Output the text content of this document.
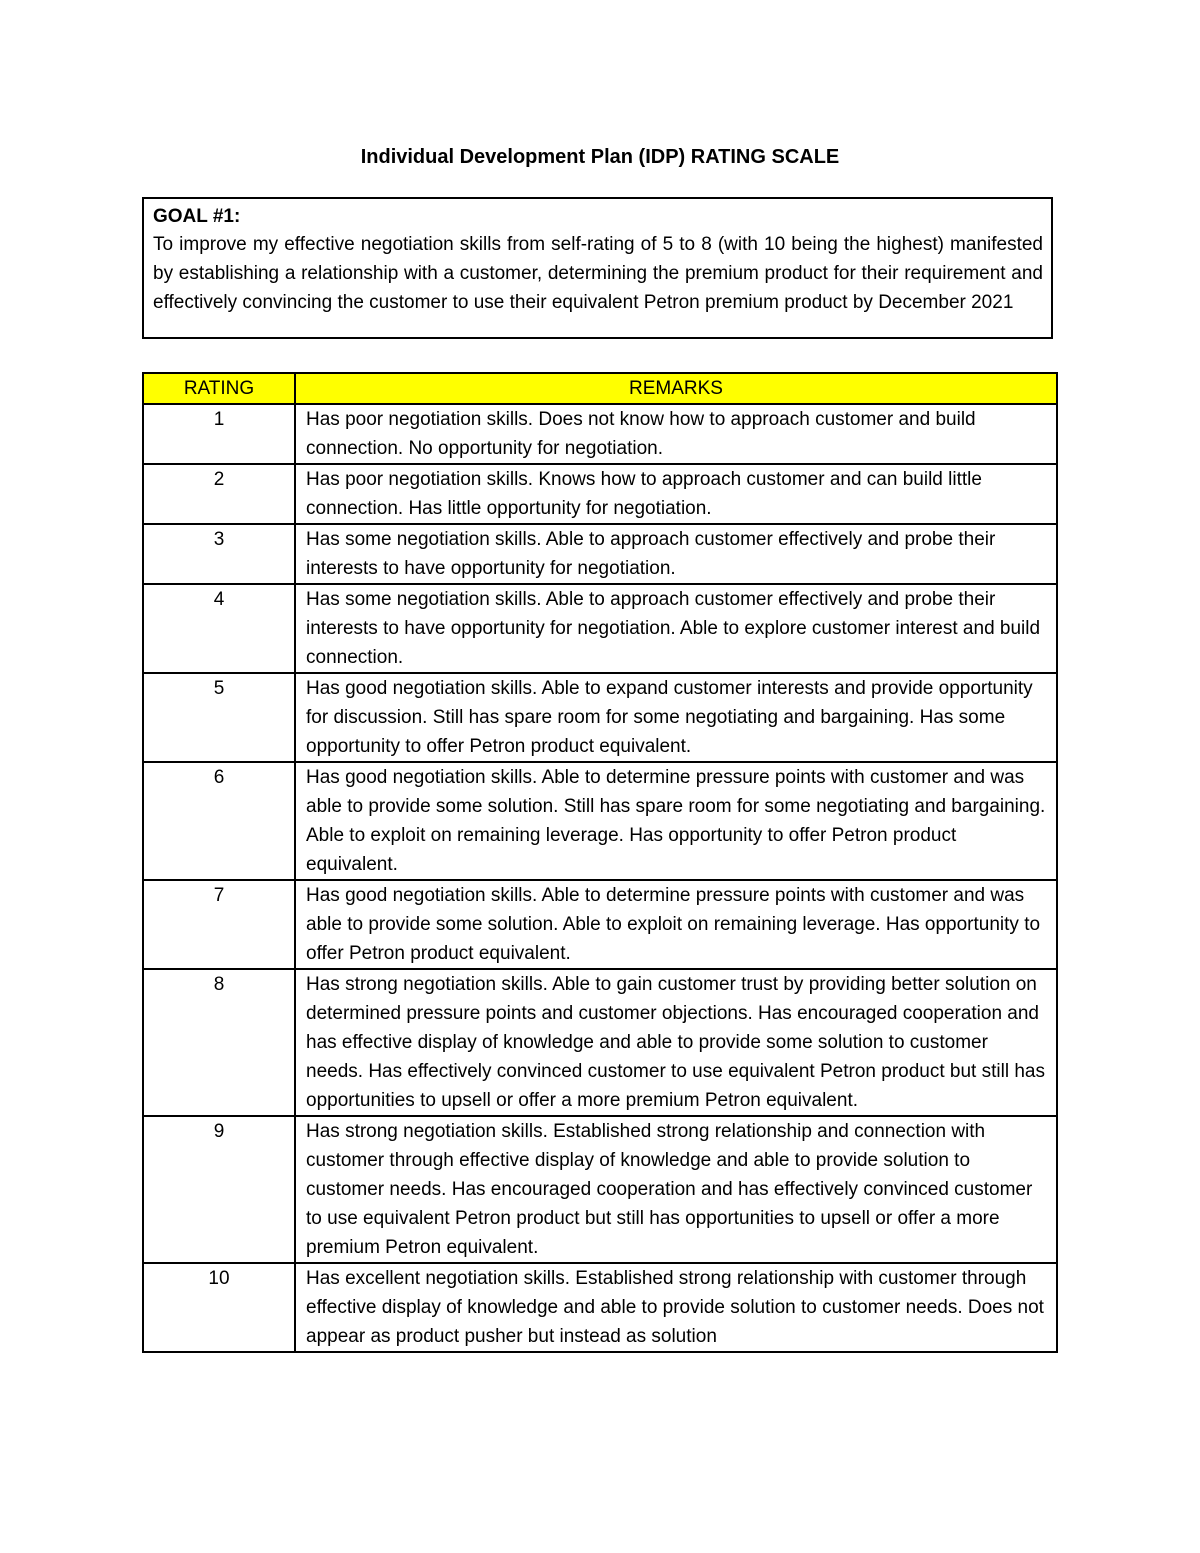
Individual Development Plan (IDP) RATING SCALE
GOAL #1:
To improve my effective negotiation skills from self-rating of 5 to 8 (with 10 being the highest) manifested by establishing a relationship with a customer, determining the premium product for their requirement and effectively convincing the customer to use their equivalent Petron premium product by December 2021
RATING	REMARKS
1	Has poor negotiation skills. Does not know how to approach customer and build connection. No opportunity for negotiation.
2	Has poor negotiation skills. Knows how to approach customer and can build little connection. Has little opportunity for negotiation.
3	Has some negotiation skills. Able to approach customer effectively and probe their interests to have opportunity for negotiation.
4	Has some negotiation skills. Able to approach customer effectively and probe their interests to have opportunity for negotiation. Able to explore customer interest and build connection.
5	Has good negotiation skills. Able to expand customer interests and provide opportunity for discussion. Still has spare room for some negotiating and bargaining. Has some opportunity to offer Petron product equivalent.
6	Has good negotiation skills. Able to determine pressure points with customer and was able to provide some solution. Still has spare room for some negotiating and bargaining. Able to exploit on remaining leverage. Has opportunity to offer Petron product equivalent.
7	Has good negotiation skills. Able to determine pressure points with customer and was able to provide some solution. Able to exploit on remaining leverage. Has opportunity to offer Petron product equivalent.
8	Has strong negotiation skills. Able to gain customer trust by providing better solution on determined pressure points and customer objections. Has encouraged cooperation and has effective display of knowledge and able to provide some solution to customer needs. Has effectively convinced customer to use equivalent Petron product but still has opportunities to upsell or offer a more premium Petron equivalent.
9	Has strong negotiation skills. Established strong relationship and connection with customer through effective display of knowledge and able to provide solution to customer needs. Has encouraged cooperation and has effectively convinced customer to use equivalent Petron product but still has opportunities to upsell or offer a more premium Petron equivalent.
10	Has excellent negotiation skills. Established strong relationship with customer through effective display of knowledge and able to provide solution to customer needs. Does not appear as product pusher but instead as solution
